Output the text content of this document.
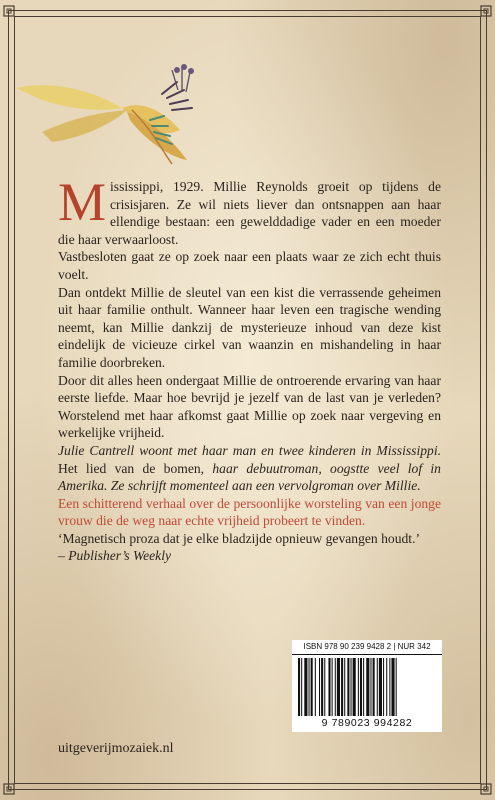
Mississippi, 1929. Millie Reynolds groeit op tijdens de crisisjaren. Ze wil niets liever dan ontsnappen aan haar ellendige bestaan: een gewelddadige vader en een moeder die haar verwaarloost.

Vastbesloten gaat ze op zoek naar een plaats waar ze zich echt thuis voelt.

Dan ontdekt Millie de sleutel van een kist die verrassende geheimen uit haar familie onthult. Wanneer haar leven een tragische wending neemt, kan Millie dankzij de mysterieuze inhoud van deze kist eindelijk de vicieuze cirkel van waanzin en mishandeling in haar familie doorbreken.

Door dit alles heen ondergaat Millie de ontroerende ervaring van haar eerste liefde. Maar hoe bevrijd je jezelf van de last van je verleden? Worstelend met haar afkomst gaat Millie op zoek naar vergeving en werkelijke vrijheid.

Julie Cantrell woont met haar man en twee kinderen in Mississippi. Het lied van de bomen, haar debuutroman, oogstte veel lof in Amerika. Ze schrijft momenteel aan een vervolgroman over Millie.

Een schitterend verhaal over de persoonlijke worsteling van een jonge vrouw die de weg naar echte vrijheid probeert te vinden.

‘Magnetisch proza dat je elke bladzijde opnieuw gevangen houdt.’
– Publisher’s Weekly

ISBN 978 90 239 9428 2 | NUR 342
9 789023 994282
uitgeverijmozaiek.nl
